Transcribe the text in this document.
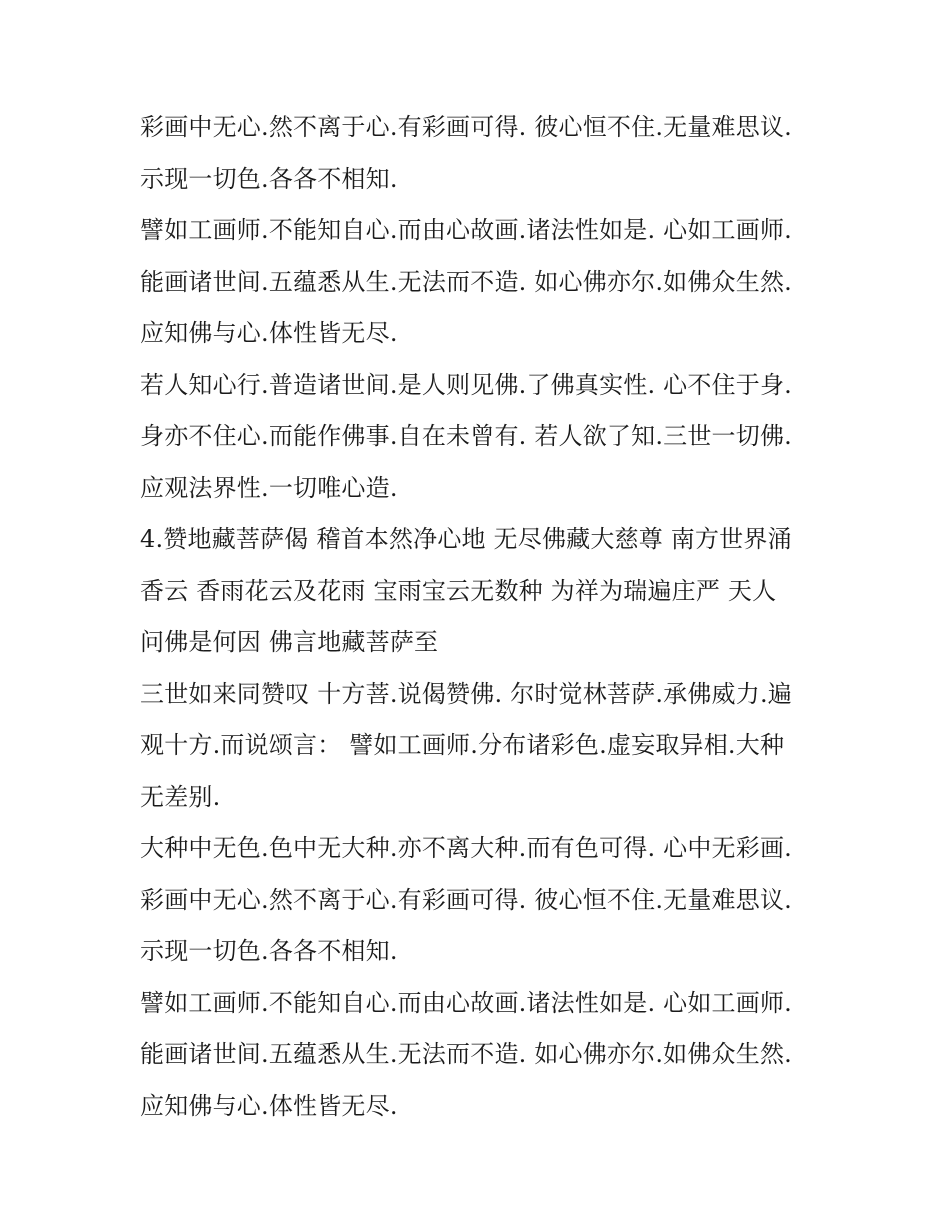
彩画中无心.然不离于心.有彩画可得. 彼心恒不住.无量难思议.
示现一切色.各各不相知.
譬如工画师.不能知自心.而由心故画.诸法性如是. 心如工画师.
能画诸世间.五蕴悉从生.无法而不造. 如心佛亦尔.如佛众生然.
应知佛与心.体性皆无尽.
若人知心行.普造诸世间.是人则见佛.了佛真实性. 心不住于身.
身亦不住心.而能作佛事.自在未曾有. 若人欲了知.三世一切佛.
应观法界性.一切唯心造.
4.赞地藏菩萨偈 稽首本然净心地 无尽佛藏大慈尊 南方世界涌
香云 香雨花云及花雨 宝雨宝云无数种 为祥为瑞遍庄严 天人
问佛是何因 佛言地藏菩萨至
三世如来同赞叹 十方菩.说偈赞佛. 尔时觉林菩萨.承佛威力.遍
观十方.而说颂言： 譬如工画师.分布诸彩色.虚妄取异相.大种
无差别.
大种中无色.色中无大种.亦不离大种.而有色可得. 心中无彩画.
彩画中无心.然不离于心.有彩画可得. 彼心恒不住.无量难思议.
示现一切色.各各不相知.
譬如工画师.不能知自心.而由心故画.诸法性如是. 心如工画师.
能画诸世间.五蕴悉从生.无法而不造. 如心佛亦尔.如佛众生然.
应知佛与心.体性皆无尽.
